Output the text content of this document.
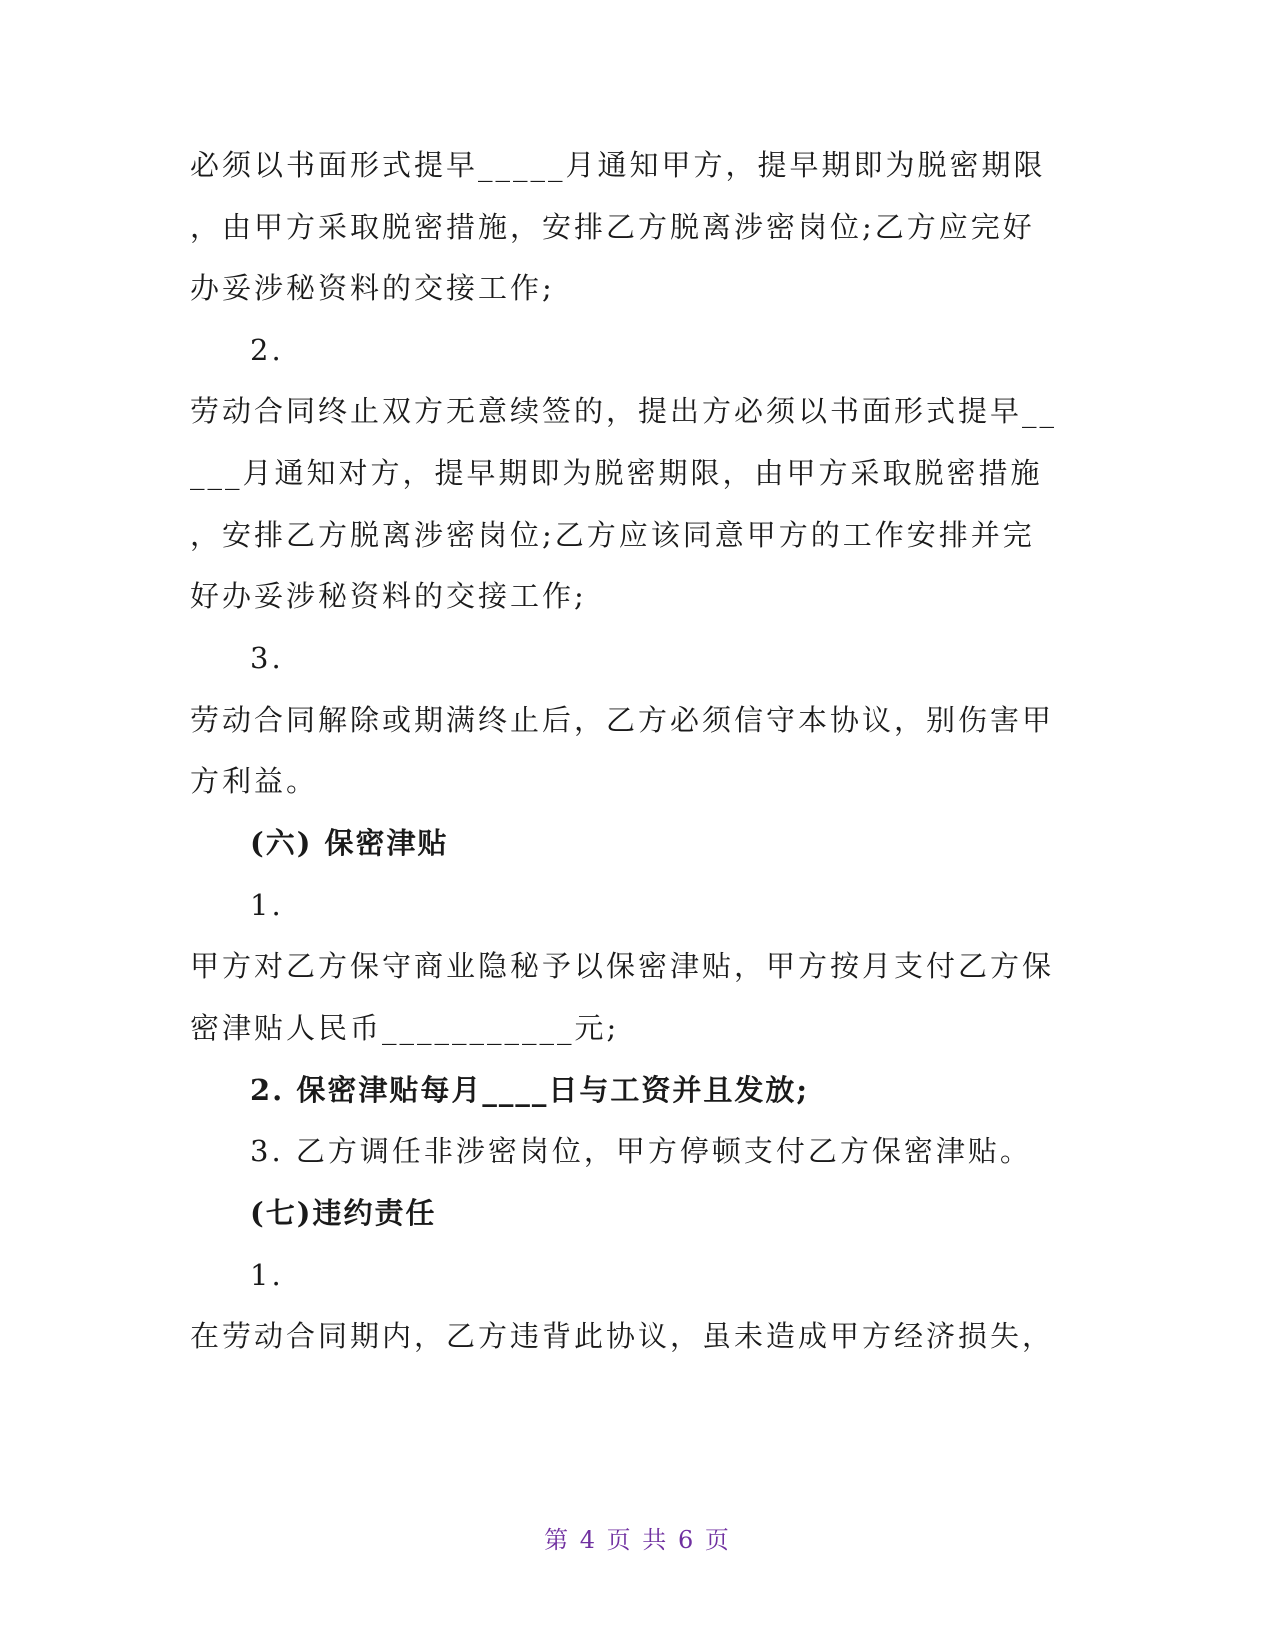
必须以书面形式提早_____月通知甲方，提早期即为脱密期限
，由甲方采取脱密措施，安排乙方脱离涉密岗位;乙方应完好
办妥涉秘资料的交接工作;
2.
劳动合同终止双方无意续签的，提出方必须以书面形式提早__
___月通知对方，提早期即为脱密期限，由甲方采取脱密措施
，安排乙方脱离涉密岗位;乙方应该同意甲方的工作安排并完
好办妥涉秘资料的交接工作;
3.
劳动合同解除或期满终止后，乙方必须信守本协议，别伤害甲
方利益。
(六) 保密津贴
1.
甲方对乙方保守商业隐秘予以保密津贴，甲方按月支付乙方保
密津贴人民币___________元;
2. 保密津贴每月____日与工资并且发放;
3. 乙方调任非涉密岗位，甲方停顿支付乙方保密津贴。
(七)违约责任
1.
在劳动合同期内，乙方违背此协议，虽未造成甲方经济损失，
第 4 页 共 6 页
